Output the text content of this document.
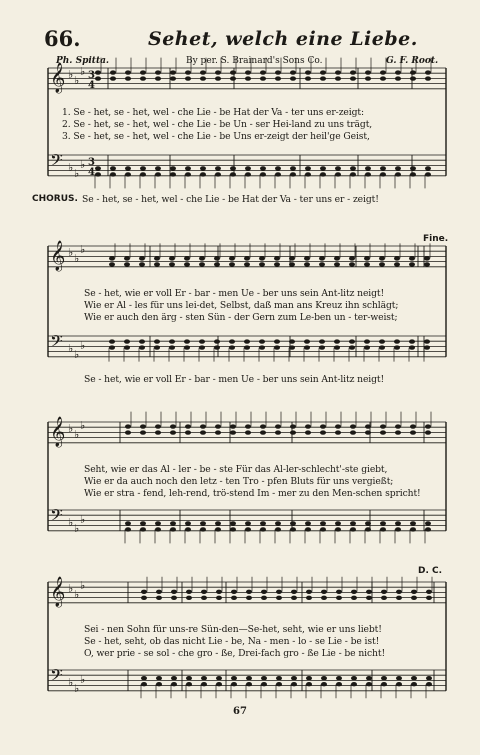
𝄞 ♭ ♭
♭ 3
4
𝄢 ♭ ♭
♭ 3
4
𝄞 ♭ ♭
♭
𝄢 ♭ ♭
♭
𝄞 ♭ ♭
♭
𝄢 ♭ ♭
♭
𝄞 ♭ ♭
♭
𝄢 ♭ ♭
♭
66.	Sehet, welch eine Liebe.
Ph. Spitta.	By per. S. Brainard's Sons Co.	G. F. Root.
1. Se - het, se - het, wel - che Lie - be Hat der Va - ter uns er-zeigt:
2. Se - het, se - het, wel - che Lie - be Un - ser Hei-land zu uns trägt,
3. Se - het, se - het, wel - che Lie - be Uns er-zeigt der heil'ge Geist,
CHORUS. Se - het, se - het, wel - che Lie - be Hat der Va - ter uns er - zeigt!
Fine.
Se - het, wie er voll Er - bar - men Ue - ber uns sein Ant-litz neigt!
Wie er Al - les für uns lei-det, Selbst, daß man ans Kreuz ihn schlägt;
Wie er auch den ärg - sten Sün - der Gern zum Le-ben un - ter-weist;
Se - het, wie er voll Er - bar - men Ue - ber uns sein Ant-litz neigt!
Seht, wie er das Al - ler - be - ste Für das Al-ler-schlecht'-ste giebt,
Wie er da auch noch den letz - ten Tro - pfen Bluts für uns vergießt;
Wie er stra - fend, leh-rend, trö-stend Im - mer zu den Men-schen spricht!
D. C.
Sei - nen Sohn für uns-re Sün-den—Se-het, seht, wie er uns liebt!
Se - het, seht, ob das nicht Lie - be, Na - men - lo - se Lie - be ist!
O, wer prie - se sol - che gro - ße, Drei-fach gro - ße Lie - be nicht!
67
